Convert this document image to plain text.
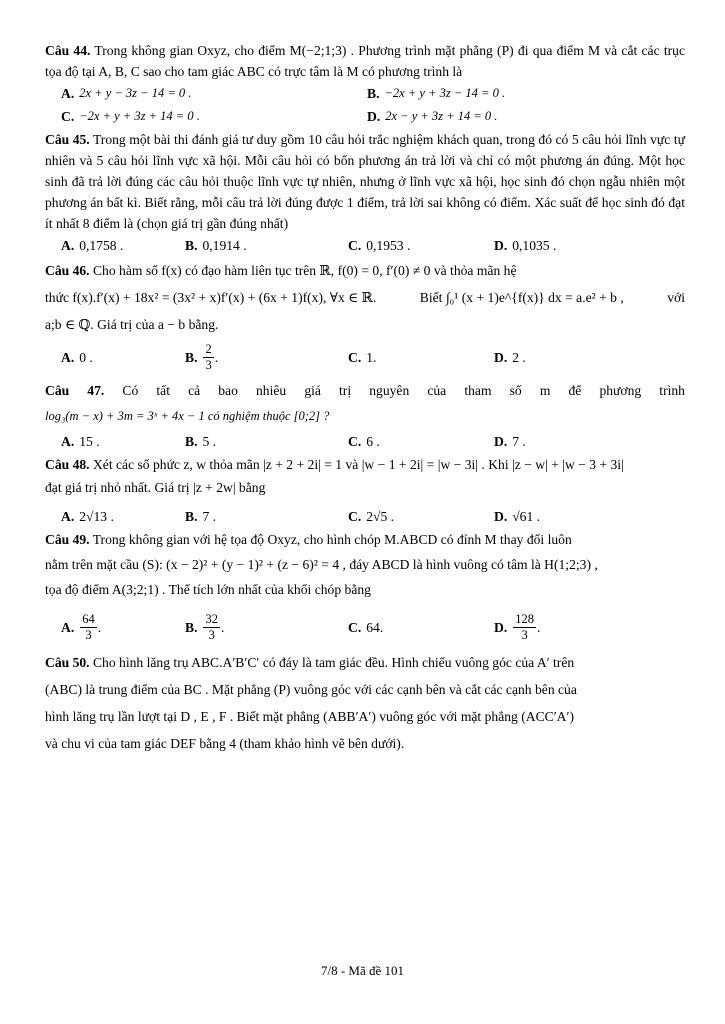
Câu 44. Trong không gian Oxyz, cho điểm M(−2;1;3) . Phương trình mặt phẳng (P) đi qua điểm M và cắt các trục tọa độ tại A, B, C sao cho tam giác ABC có trực tâm là M có phương trình là

A. 2x + y − 3z − 14 = 0 .	B. −2x + y + 3z − 14 = 0 .
C. −2x + y + 3z + 14 = 0 .	D. 2x − y + 3z + 14 = 0 .

Câu 45. Trong một bài thi đánh giá tư duy gồm 10 câu hỏi trắc nghiệm khách quan, trong đó có 5 câu hỏi lĩnh vực tự nhiên và 5 câu hỏi lĩnh vực xã hội. Mỗi câu hỏi có bốn phương án trả lời và chỉ có một phương án đúng. Một học sinh đã trả lời đúng các câu hỏi thuộc lĩnh vực tự nhiên, nhưng ở lĩnh vực xã hội, học sinh đó chọn ngẫu nhiên một phương án bất kì. Biết rằng, mỗi câu trả lời đúng được 1 điểm, trả lời sai không có điểm. Xác suất để học sinh đó đạt ít nhất 8 điểm là (chọn giá trị gần đúng nhất)

A. 0,1758 .	B. 0,1914 .	C. 0,1953 .	D. 0,1035 .

Câu 46. Cho hàm số f(x) có đạo hàm liên tục trên ℝ, f(0) = 0, f′(0) ≠ 0 và thỏa mãn hệ

thức f(x).f′(x) + 18x² = (3x² + x)f′(x) + (6x + 1)f(x), ∀x ∈ ℝ.	Biết ∫₀¹ (x + 1)e^{f(x)} dx = a.e² + b ,	với

a;b ∈ ℚ. Giá trị của a − b bằng.

A. 0 .	B. $\frac{2}{3}$ .	C. 1.	D. 2 .

Câu 47. Có tất cả bao nhiêu giá trị nguyên của tham số m để phương trình

log₃(m − x) + 3m = 3ˣ + 4x − 1 có nghiệm thuộc [0;2] ?

A. 15 .	B. 5 .	C. 6 .	D. 7 .

Câu 48. Xét các số phức z, w thỏa mãn |z + 2 + 2i| = 1 và |w − 1 + 2i| = |w − 3i| . Khi |z − w| + |w − 3 + 3i|

đạt giá trị nhỏ nhất. Giá trị |z + 2w| bằng

A. 2√13 .	B. 7 .	C. 2√5 .	D. √61 .

Câu 49. Trong không gian với hệ tọa độ Oxyz, cho hình chóp M.ABCD có đỉnh M thay đổi luôn

nằm trên mặt cầu (S): (x − 2)² + (y − 1)² + (z − 6)² = 4 , đáy ABCD là hình vuông có tâm là H(1;2;3) ,

tọa độ điểm A(3;2;1) . Thể tích lớn nhất của khối chóp bằng

A. $\frac{64}{3}$ .	B. $\frac{32}{3}$ .	C. 64.	D. $\frac{128}{3}$ .

Câu 50. Cho hình lăng trụ ABC.A′B′C′ có đáy là tam giác đều. Hình chiếu vuông góc của A′ trên

(ABC) là trung điểm của BC . Mặt phẳng (P) vuông góc với các cạnh bên và cắt các cạnh bên của

hình lăng trụ lần lượt tại D , E , F . Biết mặt phẳng (ABB′A′) vuông góc với mặt phẳng (ACC′A′)

và chu vi của tam giác DEF bằng 4 (tham khảo hình vẽ bên dưới).

7/8 - Mã đề 101
